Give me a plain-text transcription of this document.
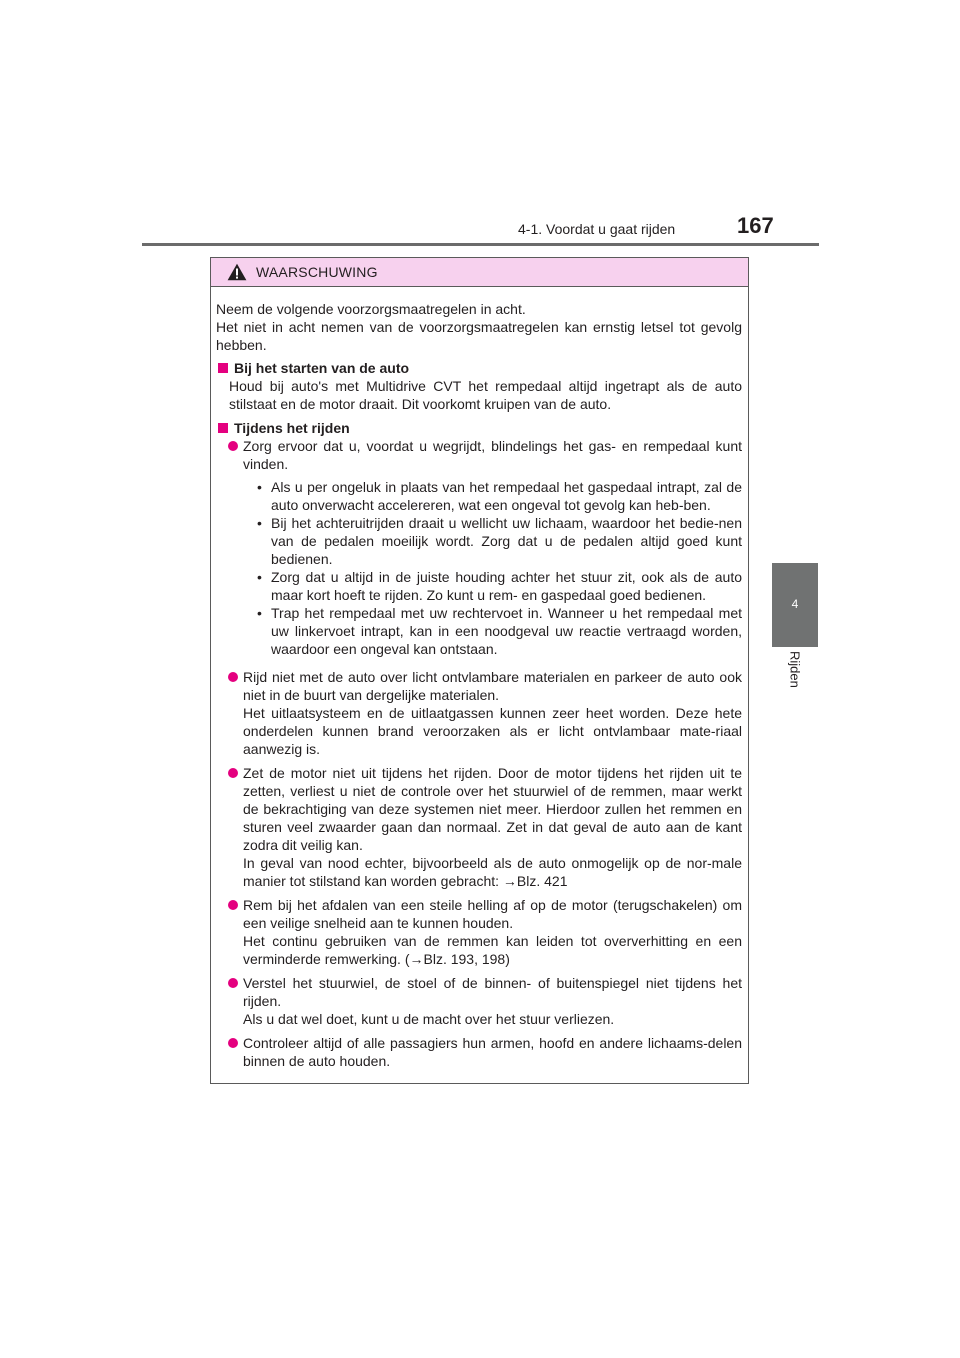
4-1. Voordat u gaat rijden	167
4
Rijden
WAARSCHUWING

Neem de volgende voorzorgsmaatregelen in acht.

Het niet in acht nemen van de voorzorgsmaatregelen kan ernstig letsel tot gevolg hebben.

Bij het starten van de auto
Houd bij auto's met Multidrive CVT het rempedaal altijd ingetrapt als de auto stilstaat en de motor draait. Dit voorkomt kruipen van de auto.
Tijdens het rijden
Zorg ervoor dat u, voordat u wegrijdt, blindelings het gas- en rempedaal kunt vinden.
• Als u per ongeluk in plaats van het rempedaal het gaspedaal intrapt, zal de auto onverwacht accelereren, wat een ongeval tot gevolg kan heb-ben.
• Bij het achteruitrijden draait u wellicht uw lichaam, waardoor het bedie-nen van de pedalen moeilijk wordt. Zorg dat u de pedalen altijd goed kunt bedienen.
• Zorg dat u altijd in de juiste houding achter het stuur zit, ook als de auto maar kort hoeft te rijden. Zo kunt u rem- en gaspedaal goed bedienen.
• Trap het rempedaal met uw rechtervoet in. Wanneer u het rempedaal met uw linkervoet intrapt, kan in een noodgeval uw reactie vertraagd worden, waardoor een ongeval kan ontstaan.
Rijd niet met de auto over licht ontvlambare materialen en parkeer de auto ook niet in de buurt van dergelijke materialen.
Het uitlaatsysteem en de uitlaatgassen kunnen zeer heet worden. Deze hete onderdelen kunnen brand veroorzaken als er licht ontvlambaar mate-riaal aanwezig is.
Zet de motor niet uit tijdens het rijden. Door de motor tijdens het rijden uit te zetten, verliest u niet de controle over het stuurwiel of de remmen, maar werkt de bekrachtiging van deze systemen niet meer. Hierdoor zullen het remmen en sturen veel zwaarder gaan dan normaal. Zet in dat geval de auto aan de kant zodra dit veilig kan.
In geval van nood echter, bijvoorbeeld als de auto onmogelijk op de nor-male manier tot stilstand kan worden gebracht: →Blz. 421
Rem bij het afdalen van een steile helling af op de motor (terugschakelen) om een veilige snelheid aan te kunnen houden.
Het continu gebruiken van de remmen kan leiden tot oververhitting en een verminderde remwerking. (→Blz. 193, 198)
Verstel het stuurwiel, de stoel of de binnen- of buitenspiegel niet tijdens het rijden.
Als u dat wel doet, kunt u de macht over het stuur verliezen.
Controleer altijd of alle passagiers hun armen, hoofd en andere lichaams-delen binnen de auto houden.
